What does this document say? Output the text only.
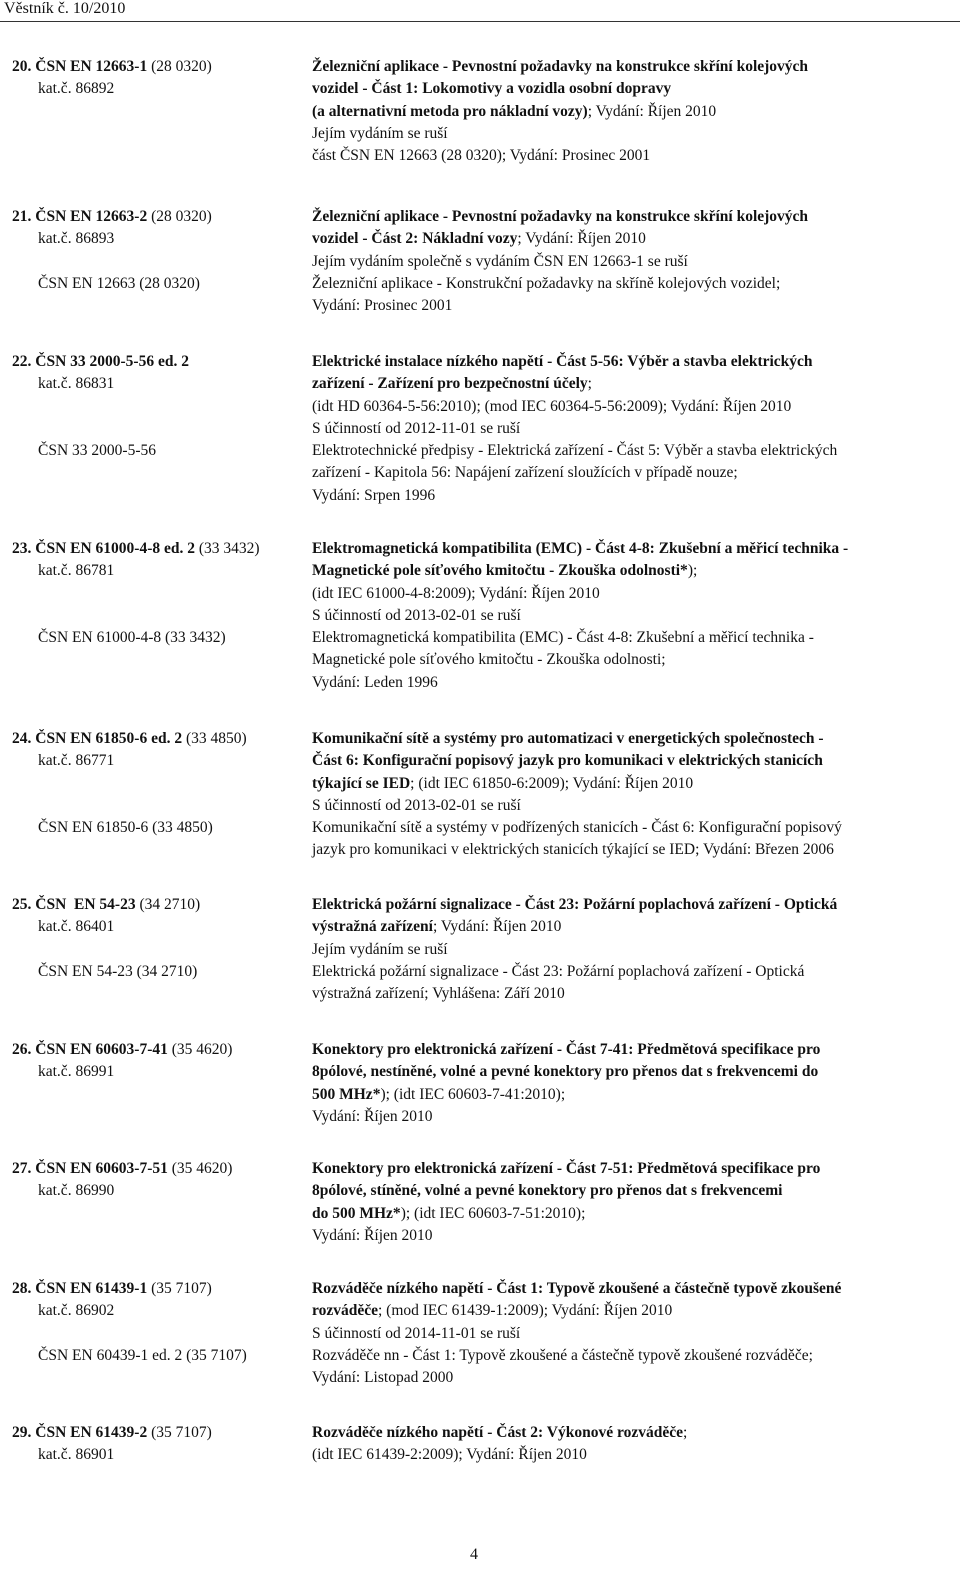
Věstník č. 10/2010
20. ČSN EN 12663-1 (28 0320)
kat.č. 86892
Železniční aplikace - Pevnostní požadavky na konstrukce skříní kolejových
vozidel - Část 1: Lokomotivy a vozidla osobní dopravy
(a alternativní metoda pro nákladní vozy); Vydání: Říjen 2010
Jejím vydáním se ruší
část ČSN EN 12663 (28 0320); Vydání: Prosinec 2001
21. ČSN EN 12663-2 (28 0320)
kat.č. 86893
ČSN EN 12663 (28 0320)
Železniční aplikace - Pevnostní požadavky na konstrukce skříní kolejových
vozidel - Část 2: Nákladní vozy; Vydání: Říjen 2010
Jejím vydáním společně s vydáním ČSN EN 12663-1 se ruší
Železniční aplikace - Konstrukční požadavky na skříně kolejových vozidel;
Vydání: Prosinec 2001
22. ČSN 33 2000-5-56 ed. 2
kat.č. 86831
ČSN 33 2000-5-56
Elektrické instalace nízkého napětí - Část 5-56: Výběr a stavba elektrických
zařízení - Zařízení pro bezpečnostní účely;
(idt HD 60364-5-56:2010); (mod IEC 60364-5-56:2009); Vydání: Říjen 2010
S účinností od 2012-11-01 se ruší
Elektrotechnické předpisy - Elektrická zařízení - Část 5: Výběr a stavba elektrických
zařízení - Kapitola 56: Napájení zařízení sloužících v případě nouze;
Vydání: Srpen 1996
23. ČSN EN 61000-4-8 ed. 2 (33 3432)
kat.č. 86781
ČSN EN 61000-4-8 (33 3432)
Elektromagnetická kompatibilita (EMC) - Část 4-8: Zkušební a měřicí technika -
Magnetické pole síťového kmitočtu - Zkouška odolnosti*);
(idt IEC 61000-4-8:2009); Vydání: Říjen 2010
S účinností od 2013-02-01 se ruší
Elektromagnetická kompatibilita (EMC) - Část 4-8: Zkušební a měřicí technika -
Magnetické pole síťového kmitočtu - Zkouška odolnosti;
Vydání: Leden 1996
24. ČSN EN 61850-6 ed. 2 (33 4850)
kat.č. 86771
ČSN EN 61850-6 (33 4850)
Komunikační sítě a systémy pro automatizaci v energetických společnostech -
Část 6: Konfigurační popisový jazyk pro komunikaci v elektrických stanicích
týkající se IED; (idt IEC 61850-6:2009); Vydání: Říjen 2010
S účinností od 2013-02-01 se ruší
Komunikační sítě a systémy v podřízených stanicích - Část 6: Konfigurační popisový
jazyk pro komunikaci v elektrických stanicích týkající se IED; Vydání: Březen 2006
25. ČSN  EN 54-23 (34 2710)
kat.č. 86401
ČSN EN 54-23 (34 2710)
Elektrická požární signalizace - Část 23: Požární poplachová zařízení - Optická
výstražná zařízení; Vydání: Říjen 2010
Jejím vydáním se ruší
Elektrická požární signalizace - Část 23: Požární poplachová zařízení - Optická
výstražná zařízení; Vyhlášena: Září 2010
26. ČSN EN 60603-7-41 (35 4620)
kat.č. 86991
Konektory pro elektronická zařízení - Část 7-41: Předmětová specifikace pro
8pólové, nestíněné, volné a pevné konektory pro přenos dat s frekvencemi do
500 MHz*); (idt IEC 60603-7-41:2010);
Vydání: Říjen 2010
27. ČSN EN 60603-7-51 (35 4620)
kat.č. 86990
Konektory pro elektronická zařízení - Část 7-51: Předmětová specifikace pro
8pólové, stíněné, volné a pevné konektory pro přenos dat s frekvencemi
do 500 MHz*); (idt IEC 60603-7-51:2010);
Vydání: Říjen 2010
28. ČSN EN 61439-1 (35 7107)
kat.č. 86902
ČSN EN 60439-1 ed. 2 (35 7107)
Rozváděče nízkého napětí - Část 1: Typově zkoušené a částečně typově zkoušené
rozváděče; (mod IEC 61439-1:2009); Vydání: Říjen 2010
S účinností od 2014-11-01 se ruší
Rozváděče nn - Část 1: Typově zkoušené a částečně typově zkoušené rozváděče;
Vydání: Listopad 2000
29. ČSN EN 61439-2 (35 7107)
kat.č. 86901
Rozváděče nízkého napětí - Část 2: Výkonové rozváděče;
(idt IEC 61439-2:2009); Vydání: Říjen 2010
4
